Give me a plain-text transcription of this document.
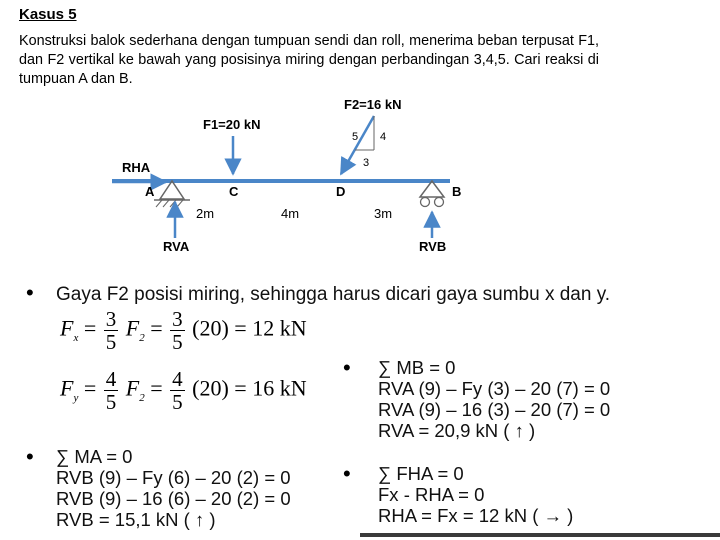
Kasus 5
Konstruksi balok sederhana dengan tumpuan sendi dan roll, menerima beban terpusat F1, dan F2 vertikal ke bawah yang posisinya miring dengan perbandingan 3,4,5. Cari reaksi di tumpuan A dan B.
F2=16 kN
F1=20 kN
5 4
3
RHA
A	C	D	B
2m	4m	3m
RVA	RVB
• Gaya F2 posisi miring, sehingga harus dicari gaya sumbu x dan y.
$F_x = \frac{3}{5} F_2 = \frac{3}{5} (20) = 12$ kN
$F_y = \frac{4}{5} F_2 = \frac{4}{5} (20) = 16$ kN
• ∑ MB = 0
RVA (9) – Fy (3) – 20 (7) = 0
RVA (9) – 16 (3) – 20 (7) = 0
RVA = 20,9 kN ( ↑ )
• ∑ MA = 0
RVB (9) – Fy (6) – 20 (2) = 0
RVB (9) – 16 (6) – 20 (2) = 0
RVB = 15,1 kN ( ↑ )
• ∑ FHA = 0
Fx - RHA = 0
RHA = Fx = 12 kN ( → )
